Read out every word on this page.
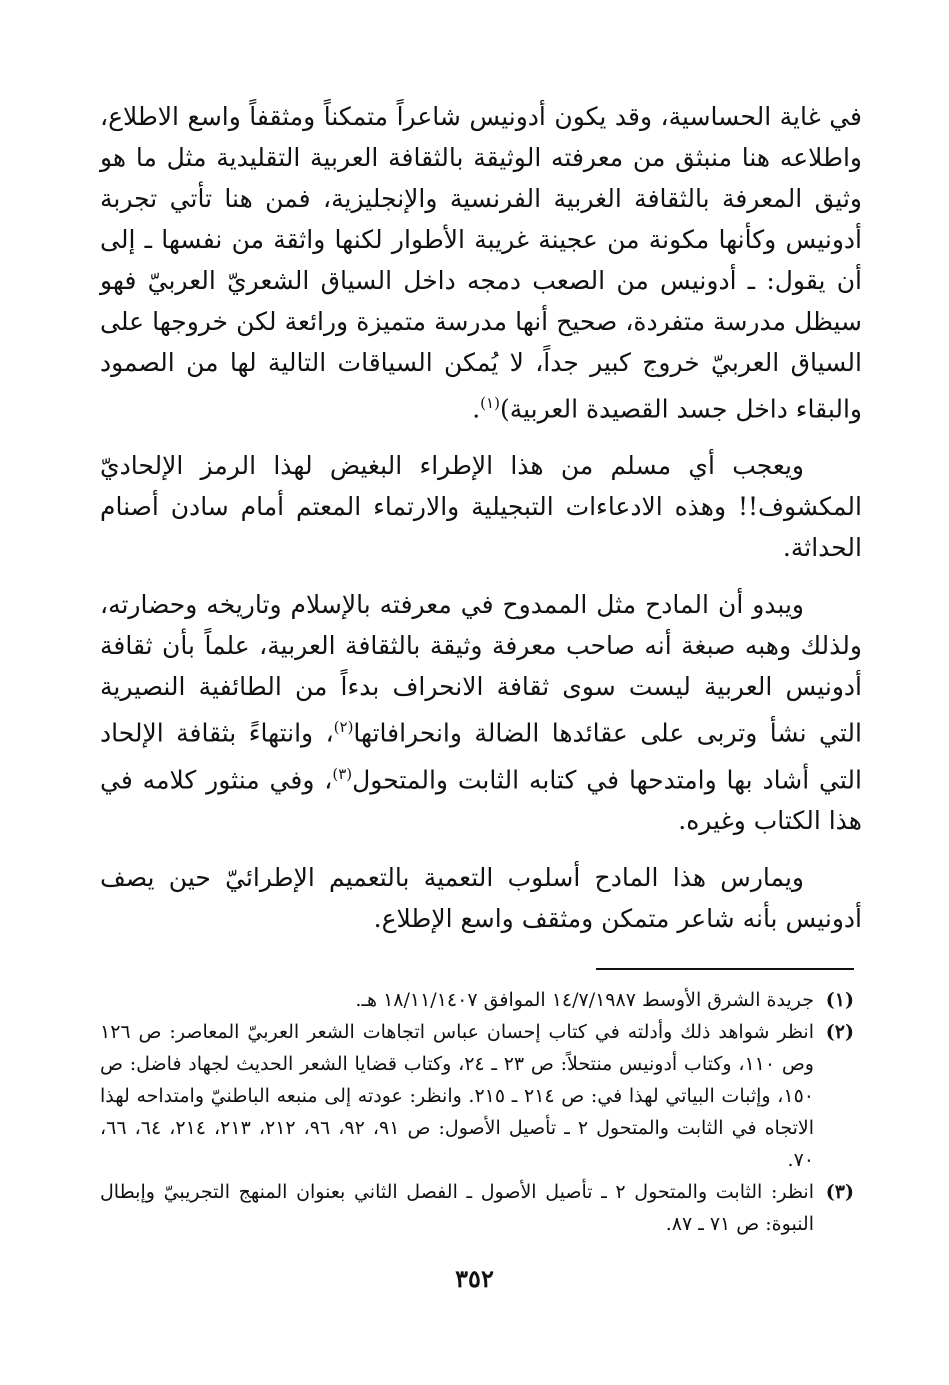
في غاية الحساسية، وقد يكون أدونيس شاعراً متمكناً ومثقفاً واسع الاطلاع، واطلاعه هنا منبثق من معرفته الوثيقة بالثقافة العربية التقليدية مثل ما هو وثيق المعرفة بالثقافة الغربية الفرنسية والإنجليزية، فمن هنا تأتي تجربة أدونيس وكأنها مكونة من عجينة غريبة الأطوار لكنها واثقة من نفسها ـ إلى أن يقول: ـ أدونيس من الصعب دمجه داخل السياق الشعريّ العربيّ فهو سيظل مدرسة متفردة، صحيح أنها مدرسة متميزة ورائعة لكن خروجها على السياق العربيّ خروج كبير جداً، لا يُمكن السياقات التالية لها من الصمود والبقاء داخل جسد القصيدة العربية)$^{(١)}$.

ويعجب أي مسلم من هذا الإطراء البغيض لهذا الرمز الإلحاديّ المكشوف!! وهذه الادعاءات التبجيلية والارتماء المعتم أمام سادن أصنام الحداثة.

ويبدو أن المادح مثل الممدوح في معرفته بالإسلام وتاريخه وحضارته، ولذلك وهبه صبغة أنه صاحب معرفة وثيقة بالثقافة العربية، علماً بأن ثقافة أدونيس العربية ليست سوى ثقافة الانحراف بدءاً من الطائفية النصيرية التي نشأ وتربى على عقائدها الضالة وانحرافاتها$^{(٢)}$، وانتهاءً بثقافة الإلحاد التي أشاد بها وامتدحها في كتابه الثابت والمتحول$^{(٣)}$، وفي منثور كلامه في هذا الكتاب وغيره.

ويمارس هذا المادح أسلوب التعمية بالتعميم الإطرائيّ حين يصف أدونيس بأنه شاعر متمكن ومثقف واسع الإطلاع.

(١)
جريدة الشرق الأوسط ١٤/٧/١٩٨٧ الموافق ١٨/١١/١٤٠٧ هـ.
(٢)
انظر شواهد ذلك وأدلته في كتاب إحسان عباس اتجاهات الشعر العربيّ المعاصر: ص ١٢٦ وص ١١٠، وكتاب أدونيس منتحلاً: ص ٢٣ ـ ٢٤، وكتاب قضايا الشعر الحديث لجهاد فاضل: ص ١٥٠، وإثبات البياتي لهذا في: ص ٢١٤ ـ ٢١٥. وانظر: عودته إلى منبعه الباطنيّ وامتداحه لهذا الاتجاه في الثابت والمتحول ٢ ـ تأصيل الأصول: ص ٩١، ٩٢، ٩٦، ٢١٢، ٢١٣، ٢١٤، ٦٤، ٦٦، ٧٠.
(٣)
انظر: الثابت والمتحول ٢ ـ تأصيل الأصول ـ الفصل الثاني بعنوان المنهج التجريبيّ وإبطال النبوة: ص ٧١ ـ ٨٧.
٣٥٢
